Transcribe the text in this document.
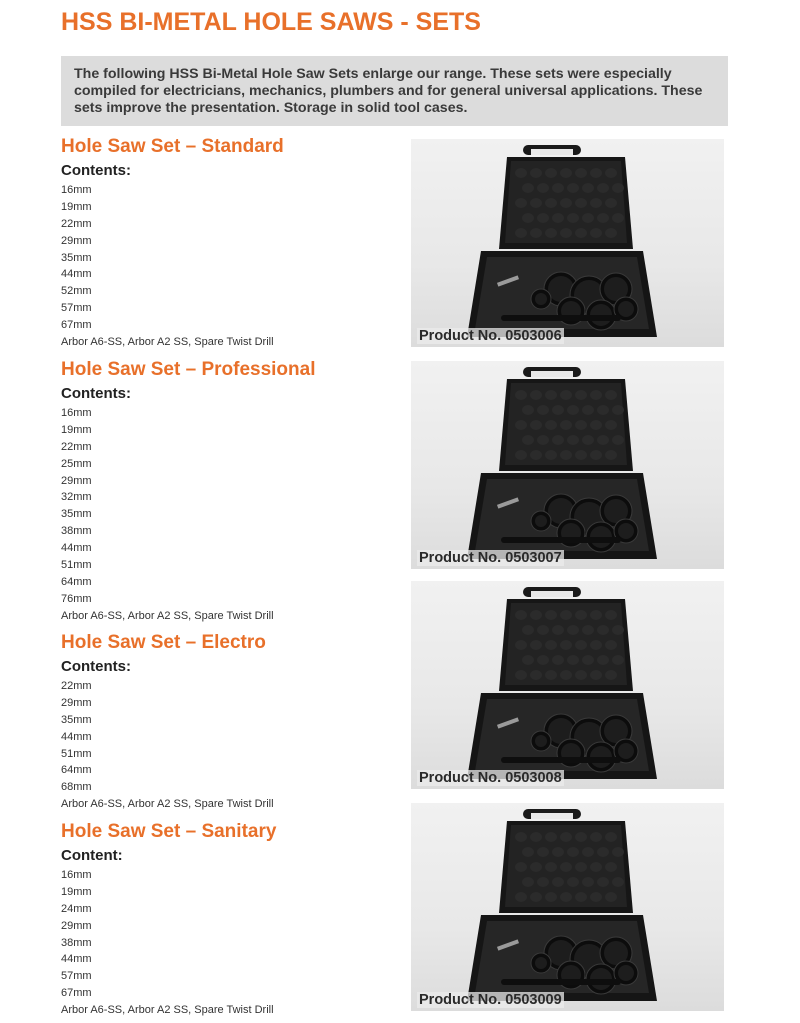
HSS BI-METAL HOLE SAWS - SETS
The following HSS Bi-Metal Hole Saw Sets enlarge our range. These sets were especially compiled for electricians, mechanics, plumbers and for general universal applications. These sets improve the presentation. Storage in solid tool cases.
Hole Saw Set – Standard
Contents:
16mm
19mm
22mm
29mm
35mm
44mm
52mm
57mm
67mm
Arbor A6-SS, Arbor A2 SS, Spare Twist Drill	Product No. 0503006
Hole Saw Set – Professional
Contents:
16mm
19mm
22mm
25mm
29mm
32mm
35mm
38mm
44mm
51mm
64mm
76mm
Arbor A6-SS, Arbor A2 SS, Spare Twist Drill
Product No. 0503007
Hole Saw Set – Electro
Contents:
22mm
29mm
35mm
44mm
51mm
64mm
68mm
Arbor A6-SS, Arbor A2 SS, Spare Twist Drill
Product No. 0503008
Hole Saw Set – Sanitary
Content:
16mm
19mm
24mm
29mm
38mm
44mm
57mm
67mm
Arbor A6-SS, Arbor A2 SS, Spare Twist Drill
Product No. 0503009
